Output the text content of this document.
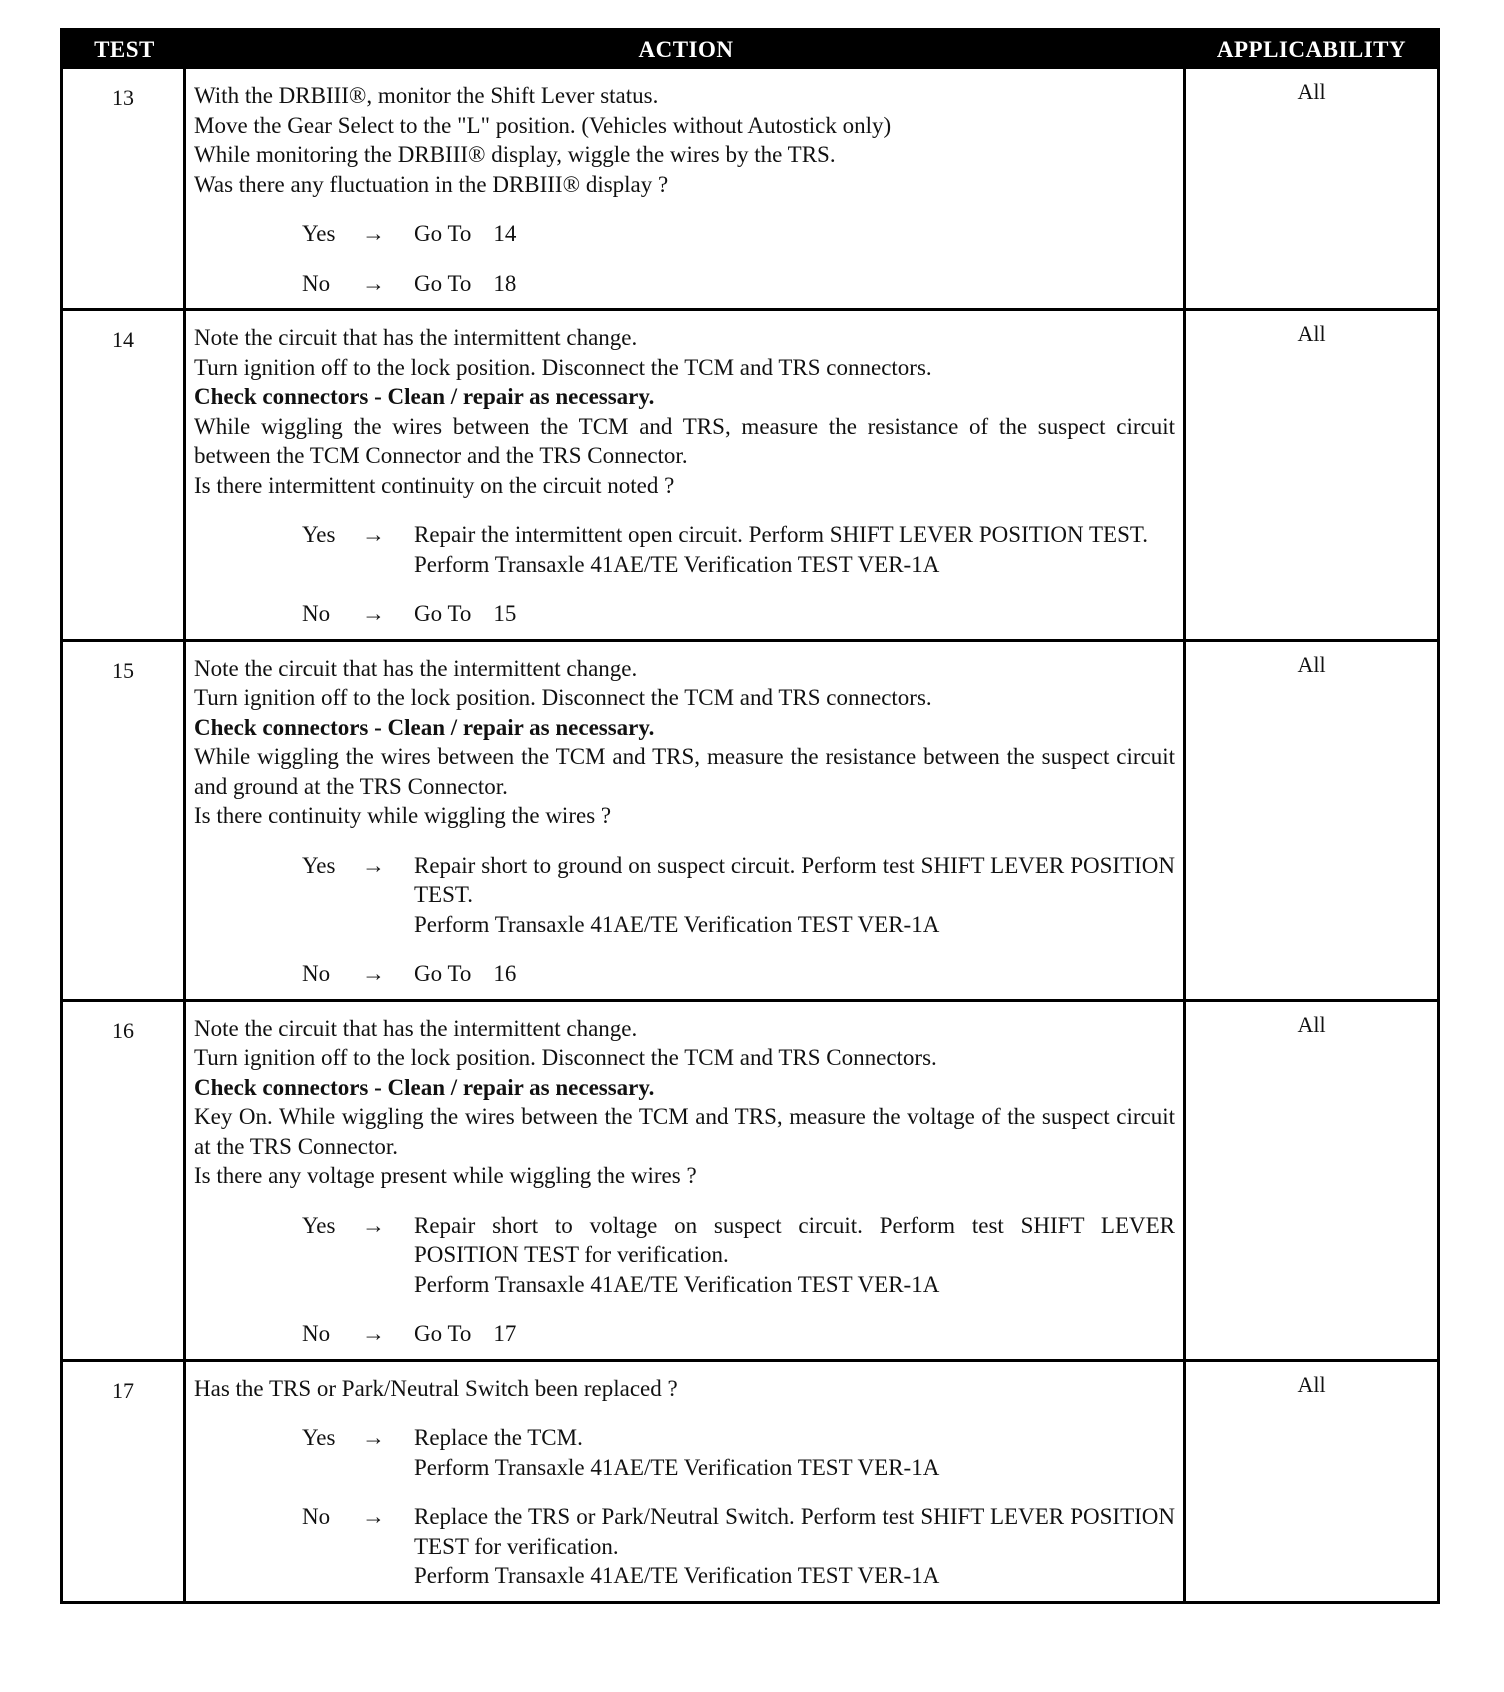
TEST	ACTION	APPLICABILITY
13	With the DRBIII®, monitor the Shift Lever status.
Move the Gear Select to the "L" position. (Vehicles without Autostick only)
While monitoring the DRBIII® display, wiggle the wires by the TRS.
Was there any fluctuation in the DRBIII® display ?
Yes	→	Go To 14
No	→	Go To 18
All
14	Note the circuit that has the intermittent change.
Turn ignition off to the lock position. Disconnect the TCM and TRS connectors.
Check connectors - Clean / repair as necessary.
While wiggling the wires between the TCM and TRS, measure the resistance of the suspect circuit between the TCM Connector and the TRS Connector.
Is there intermittent continuity on the circuit noted ?
Yes	→	Repair the intermittent open circuit. Perform SHIFT LEVER POSITION TEST.
Perform Transaxle 41AE/TE Verification TEST VER-1A
No	→	Go To 15
All
15	Note the circuit that has the intermittent change.
Turn ignition off to the lock position. Disconnect the TCM and TRS connectors.
Check connectors - Clean / repair as necessary.
While wiggling the wires between the TCM and TRS, measure the resistance between the suspect circuit and ground at the TRS Connector.
Is there continuity while wiggling the wires ?
Yes	→	Repair short to ground on suspect circuit. Perform test SHIFT LEVER POSITION TEST.
Perform Transaxle 41AE/TE Verification TEST VER-1A
No	→	Go To 16
All
16	Note the circuit that has the intermittent change.
Turn ignition off to the lock position. Disconnect the TCM and TRS Connectors.
Check connectors - Clean / repair as necessary.
Key On. While wiggling the wires between the TCM and TRS, measure the voltage of the suspect circuit at the TRS Connector.
Is there any voltage present while wiggling the wires ?
Yes	→	Repair short to voltage on suspect circuit. Perform test SHIFT LEVER POSITION TEST for verification.
Perform Transaxle 41AE/TE Verification TEST VER-1A
No	→	Go To 17
All
17	Has the TRS or Park/Neutral Switch been replaced ?
Yes	→	Replace the TCM.
Perform Transaxle 41AE/TE Verification TEST VER-1A
No	→	Replace the TRS or Park/Neutral Switch. Perform test SHIFT LEVER POSITION TEST for verification.
Perform Transaxle 41AE/TE Verification TEST VER-1A
All
